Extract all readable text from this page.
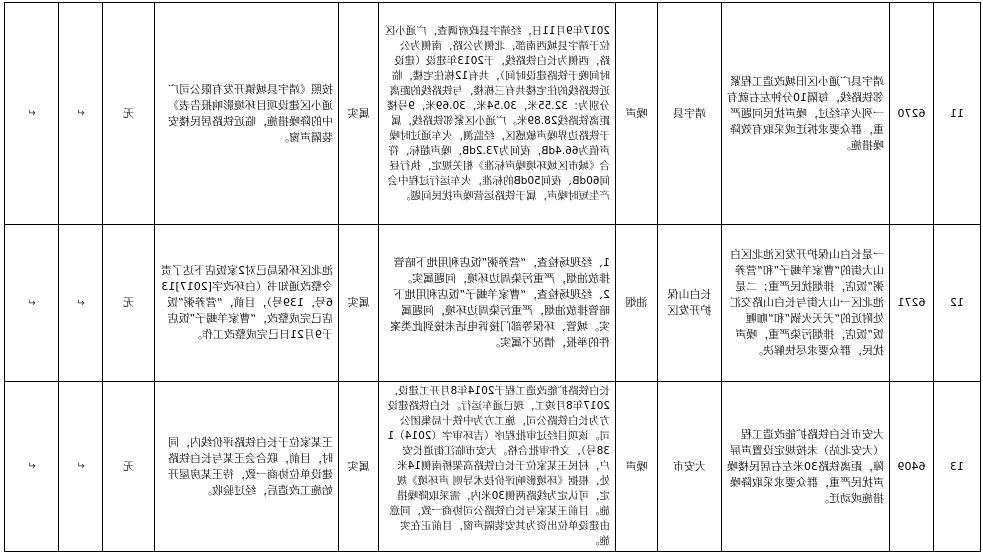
11	6270	靖宇县广通小区旧城改造工程紧邻铁路线，每隔10分钟左右就有一列火车经过，噪声扰民问题严重，群众要求拆迁或采取有效降噪措施。	靖宇县	噪声	2017年9月11日，经靖宇县政府调查，广通小区位于靖宇县城西南部，北侧为公路，南侧为公路，西侧为长白铁路线，于2013年建设（建设时间晚于铁路建设时间），共有12栋住宅楼，临近铁路线的住宅楼共有三栋楼，与铁路线的距离分别为：32.55米，30.54米，30.69米，9号楼距离铁路线28.89米。广通小区紧邻铁路线，属于铁路边界噪声敏感区，经监测，火车通过时噪声值为66.4dB，夜间为73.2dB，噪声超标，符合《城市区域环境噪声标准》相关规定，执行昼间60dB、夜间50dB的标准，火车运行过程中会产生短时噪声，属于铁路运营噪声扰民问题。	属实	按照《靖宇县城镇开发有限公司广通小区建设项目环境影响报告表》中的降噪措施，临近铁路居民楼安装隔声窗。	无	↵	↵
12	6271	一是长白山保护开发区池北区白山大街的“曹家羊蝎子”和“营养粥”饭店，排烟扰民严重；二是池北区一山大街与长白山路交汇处附近的“天天火锅”和“咖喱饭”饭店，排烟污染严重，噪声扰民，群众要求尽快解决。	长白山保护开发区	油烟	1、经现场检查，“营养粥”饭店利用地下暗管排放油烟，严重污染周边环境，问题属实。2、经现场检查，“曹家羊蝎子”饭店利用地下暗管排放油烟，严重污染周边环境，问题属实。城管、环保等部门接诉电话未接到此类案件的举报，情况不属实。	属实	池北区环保局已对2家饭店下达了责令整改通知书（白环改字[2017]136号，139号），目前，“营养粥”饭店已完成整改，“曹家羊蝎子”饭店于9月21日已完成整改工作。	无	↵	↵
13	6409	大安市长白铁路扩能改造工程（大安北站）未按规定设置声屏障，距离铁路30米左右居民楼噪声扰民严重，群众要求采取降噪措施或动迁。	大安市	噪声	长白铁路扩能改造工程于2014年8月开工建设，2017年8月竣工，现已通车运行。长白铁路建设方为长白铁路公司，施工方为中铁十局集团公司。该项目经过审批程序（吉环审字（2014）138号），文件审批合格。大安市临江街道长安户，村民王某家位于长白铁路高架桥南侧14米处，根据《环境影响评价技术导则 声环境》规定，可认定为线路两侧30米内，需采取降噪措施。目前王某家与长白铁路公司协商一致，同意由建设单位出资为其安装隔声窗，目前正在实施。	属实	王某家位于长白铁路评价线内，同时，目前，联合会王某与长白铁路建设单位协商一致，待王某房屋开始施工改造后，经过验收。	无	↵	↵
